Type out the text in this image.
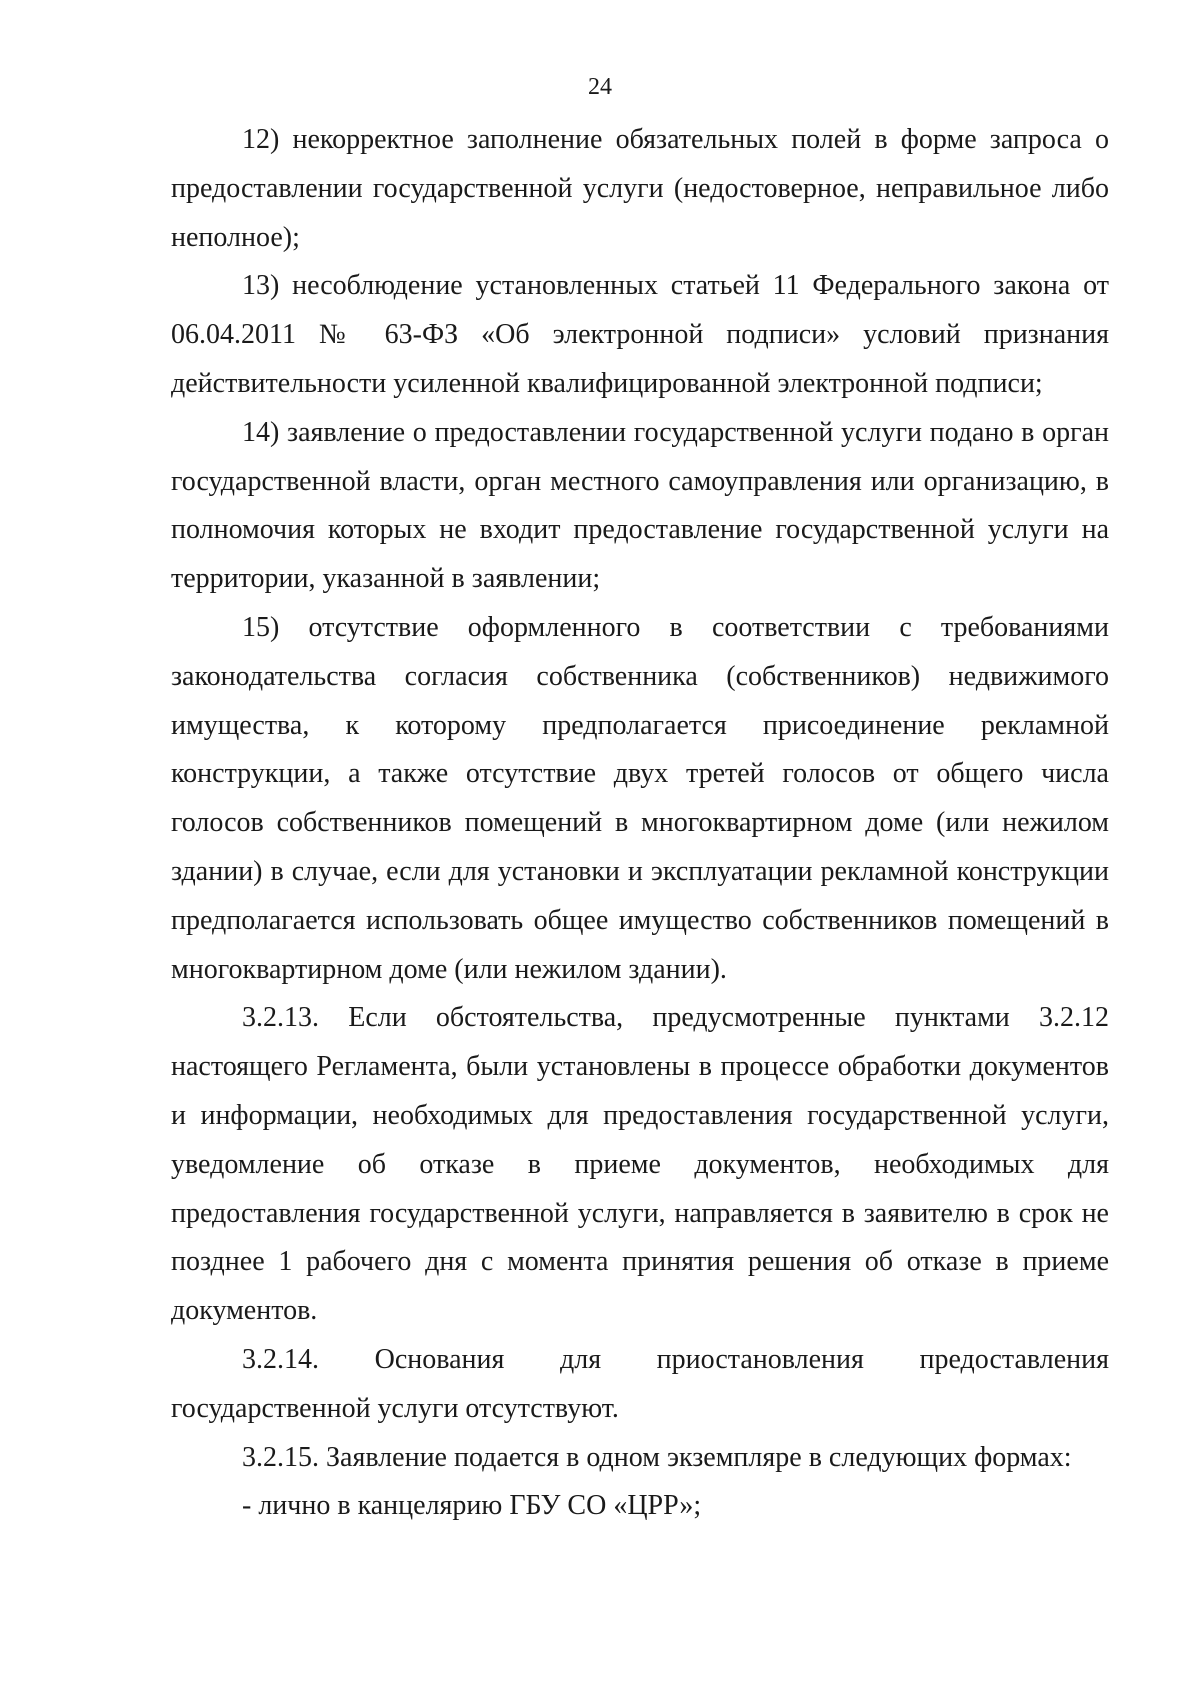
24

12) некорректное заполнение обязательных полей в форме запроса о предоставлении государственной услуги (недостоверное, неправильное либо неполное);

13) несоблюдение установленных статьей 11 Федерального закона от 06.04.2011 № 63-ФЗ «Об электронной подписи» условий признания действительности усиленной квалифицированной электронной подписи;

14) заявление о предоставлении государственной услуги подано в орган государственной власти, орган местного самоуправления или организацию, в полномочия которых не входит предоставление государственной услуги на территории, указанной в заявлении;

15) отсутствие оформленного в соответствии с требованиями законодательства согласия собственника (собственников) недвижимого имущества, к которому предполагается присоединение рекламной конструкции, а также отсутствие двух третей голосов от общего числа голосов собственников помещений в многоквартирном доме (или нежилом здании) в случае, если для установки и эксплуатации рекламной конструкции предполагается использовать общее имущество собственников помещений в многоквартирном доме (или нежилом здании).

3.2.13. Если обстоятельства, предусмотренные пунктами 3.2.12 настоящего Регламента, были установлены в процессе обработки документов и информации, необходимых для предоставления государственной услуги, уведомление об отказе в приеме документов, необходимых для предоставления государственной услуги, направляется в заявителю в срок не позднее 1 рабочего дня с момента принятия решения об отказе в приеме документов.

3.2.14. Основания для приостановления предоставления государственной услуги отсутствуют.

3.2.15. Заявление подается в одном экземпляре в следующих формах:

- лично в канцелярию ГБУ СО «ЦРР»;
